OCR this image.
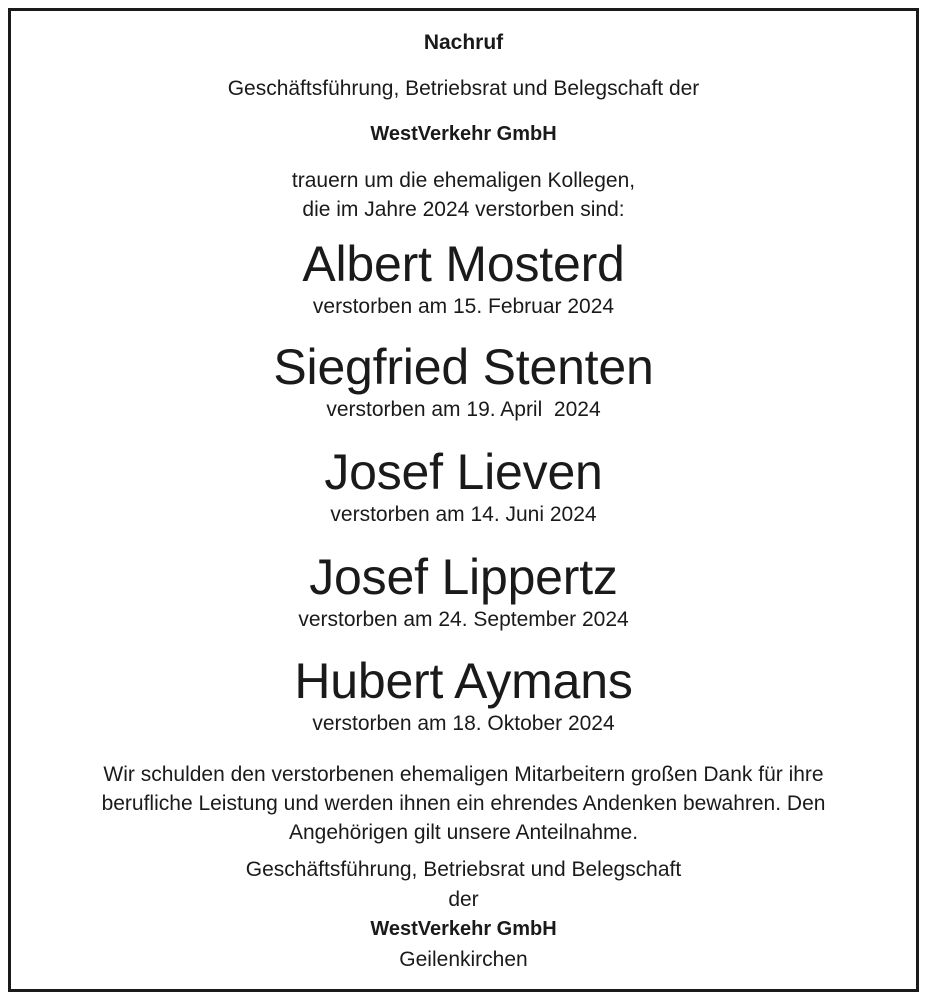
Nachruf

Geschäftsführung, Betriebsrat und Belegschaft der

WestVerkehr GmbH

trauern um die ehemaligen Kollegen,

die im Jahre 2024 verstorben sind:

Albert Mosterd

verstorben am 15. Februar 2024

Siegfried Stenten

verstorben am 19. April  2024

Josef Lieven

verstorben am 14. Juni 2024

Josef Lippertz

verstorben am 24. September 2024

Hubert Aymans

verstorben am 18. Oktober 2024

Wir schulden den verstorbenen ehemaligen Mitarbeitern großen Dank für ihre
berufliche Leistung und werden ihnen ein ehrendes Andenken bewahren. Den
Angehörigen gilt unsere Anteilnahme.

Geschäftsführung, Betriebsrat und Belegschaft

der

WestVerkehr GmbH

Geilenkirchen
